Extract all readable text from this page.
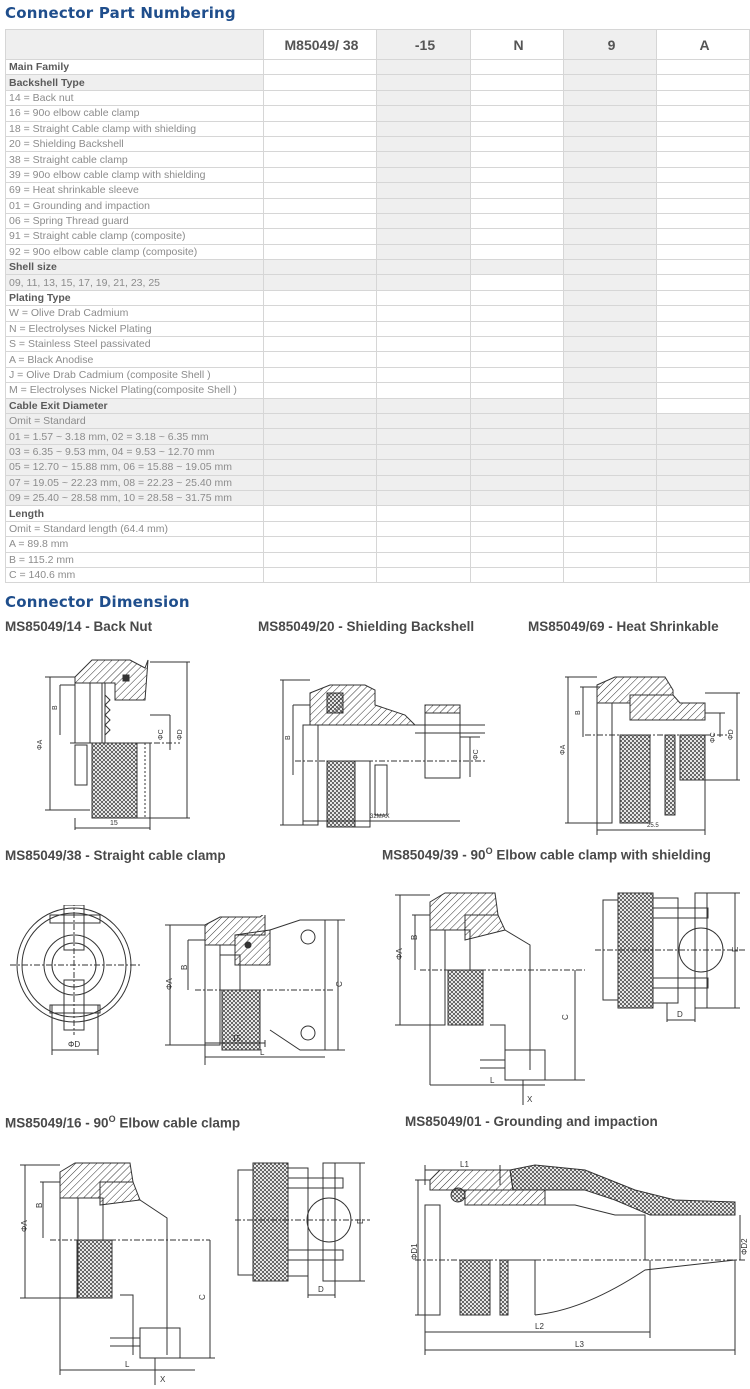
Connector Part Numbering
	M85049/ 38	-15	N	9	A
Main Family					
Backshell Type					
14 = Back nut					
16 = 90o elbow cable clamp					
18 = Straight Cable clamp with shielding					
20 = Shielding Backshell					
38 = Straight cable clamp					
39 = 90o elbow cable clamp with shielding					
69 = Heat shrinkable sleeve					
01 = Grounding and impaction					
06 = Spring Thread guard					
91 = Straight cable clamp (composite)					
92 = 90o elbow cable clamp (composite)					
Shell size					
09, 11, 13, 15, 17, 19, 21, 23, 25					
Plating Type					
W = Olive Drab Cadmium					
N = Electrolyses Nickel Plating					
S = Stainless Steel passivated					
A = Black Anodise					
J = Olive Drab Cadmium (composite Shell )					
M = Electrolyses Nickel Plating(composite Shell )					
Cable Exit Diameter					
Omit = Standard					
01 = 1.57 ~ 3.18 mm, 02 = 3.18 ~ 6.35 mm					
03 = 6.35 ~ 9.53 mm, 04 = 9.53 ~ 12.70 mm					
05 = 12.70 ~ 15.88 mm, 06 = 15.88 ~ 19.05 mm					
07 = 19.05 ~ 22.23 mm, 08 = 22.23 ~ 25.40 mm					
09 = 25.40 ~ 28.58 mm, 10 = 28.58 ~ 31.75 mm					
Length					
Omit = Standard length (64.4 mm)					
A = 89.8 mm					
B = 115.2 mm					
C = 140.6 mm					
Connector Dimension
MS85049/14 - Back Nut	MS85049/20 - Shielding Backshell	MS85049/69 - Heat Shrinkable
ΦA
B
ΦC ΦD
15
B
ΦC
32MAX
ΦA
B
ΦC ΦD
25.5
MS85049/38 - Straight cable clamp	$MS85049/39 - 90^O$ Elbow cable clamp with shielding
ΦD
ΦA
B
C
15
L
ΦA
B
C
L
X
E
D
$MS85049/16 - 90^O$ Elbow cable clamp	MS85049/01 - Grounding and impaction
ΦA
B
C
L
X
E
D
L1
ΦD1	ΦD2
L2
L3
